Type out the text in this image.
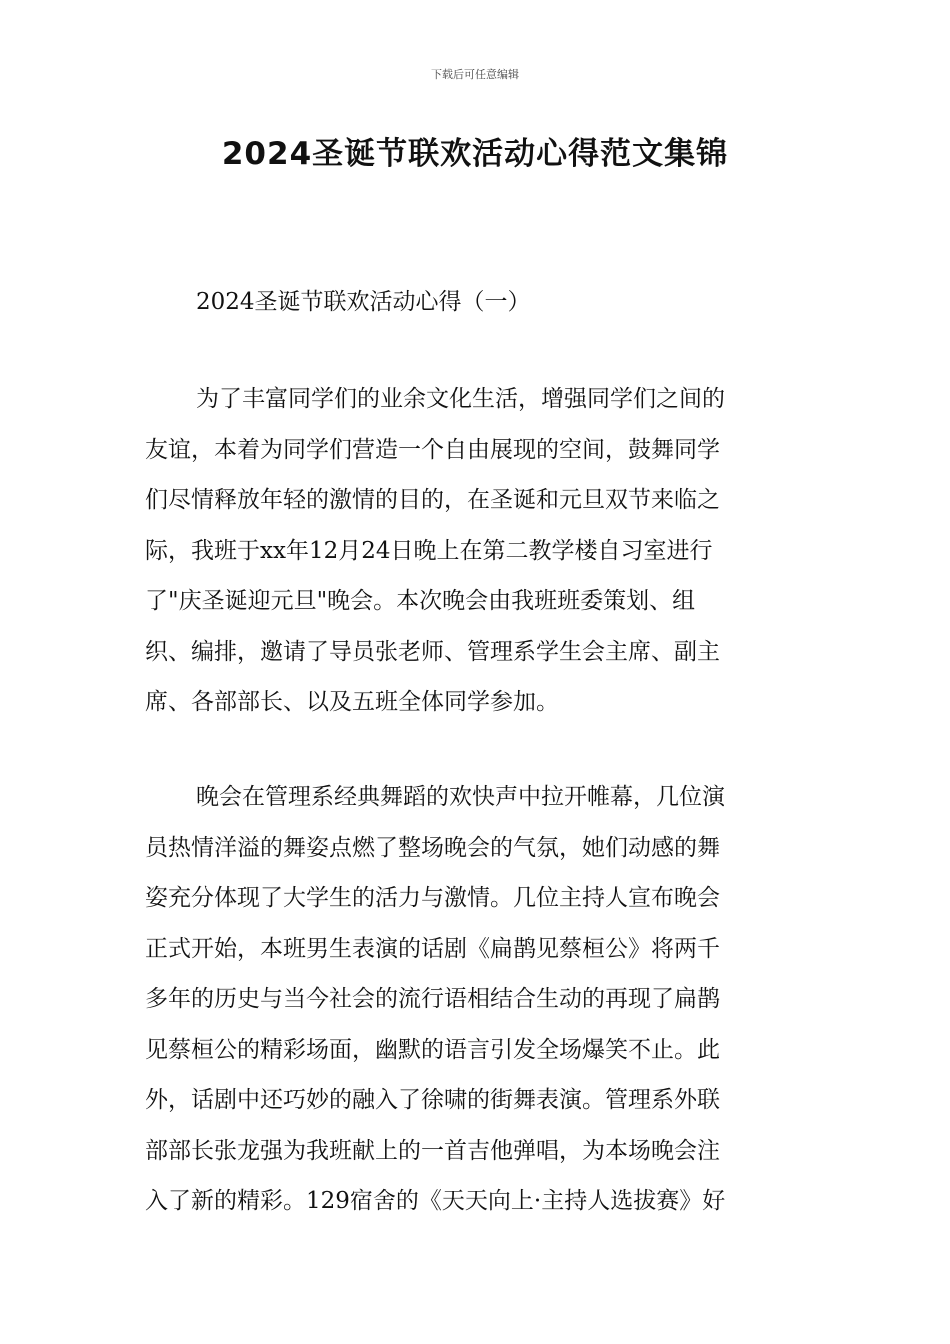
下载后可任意编辑
2024圣诞节联欢活动心得范文集锦
2024圣诞节联欢活动心得（一）
为了丰富同学们的业余文化生活，增强同学们之间的
友谊，本着为同学们营造一个自由展现的空间，鼓舞同学
们尽情释放年轻的激情的目的，在圣诞和元旦双节来临之
际，我班于xx年12月24日晚上在第二教学楼自习室进行
了"庆圣诞迎元旦"晚会。本次晚会由我班班委策划、组
织、编排，邀请了导员张老师、管理系学生会主席、副主
席、各部部长、以及五班全体同学参加。
晚会在管理系经典舞蹈的欢快声中拉开帷幕，几位演
员热情洋溢的舞姿点燃了整场晚会的气氛，她们动感的舞
姿充分体现了大学生的活力与激情。几位主持人宣布晚会
正式开始，本班男生表演的话剧《扁鹊见蔡桓公》将两千
多年的历史与当今社会的流行语相结合生动的再现了扁鹊
见蔡桓公的精彩场面，幽默的语言引发全场爆笑不止。此
外，话剧中还巧妙的融入了徐啸的街舞表演。管理系外联
部部长张龙强为我班献上的一首吉他弹唱，为本场晚会注
入了新的精彩。129宿舍的《天天向上·主持人选拔赛》好
